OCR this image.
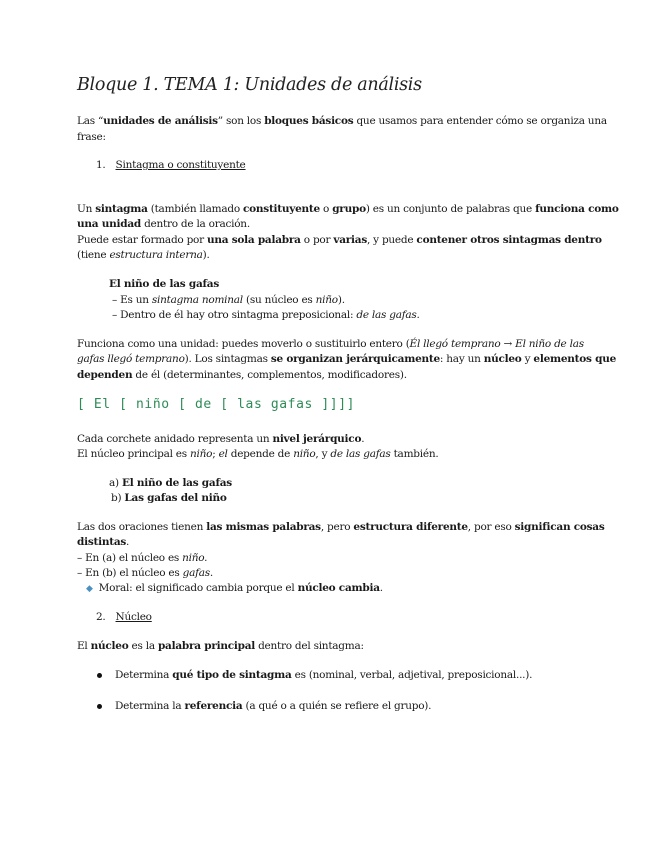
Bloque 1. TEMA 1: Unidades de análisis
Las “unidades de análisis” son los bloques básicos que usamos para entender cómo se organiza una
frase:
1. Sintagma o constituyente
Un sintagma (también llamado constituyente o grupo) es un conjunto de palabras que funciona como
una unidad dentro de la oración.
Puede estar formado por una sola palabra o por varias, y puede contener otros sintagmas dentro
(tiene estructura interna).
El niño de las gafas
– Es un sintagma nominal (su núcleo es niño).
– Dentro de él hay otro sintagma preposicional: de las gafas.
Funciona como una unidad: puedes moverlo o sustituirlo entero (Él llegó temprano → El niño de las
gafas llegó temprano). Los sintagmas se organizan jerárquicamente: hay un núcleo y elementos que
dependen de él (determinantes, complementos, modificadores).
[ El [ niño [ de [ las gafas ]]]]
Cada corchete anidado representa un nivel jerárquico.
El núcleo principal es niño; el depende de niño, y de las gafas también.
a) El niño de las gafas
b) Las gafas del niño
Las dos oraciones tienen las mismas palabras, pero estructura diferente, por eso significan cosas
distintas.
– En (a) el núcleo es niño.
– En (b) el núcleo es gafas.
◆ Moral: el significado cambia porque el núcleo cambia.
2. Núcleo
El núcleo es la palabra principal dentro del sintagma:
Determina qué tipo de sintagma es (nominal, verbal, adjetival, preposicional...).
Determina la referencia (a qué o a quién se refiere el grupo).
